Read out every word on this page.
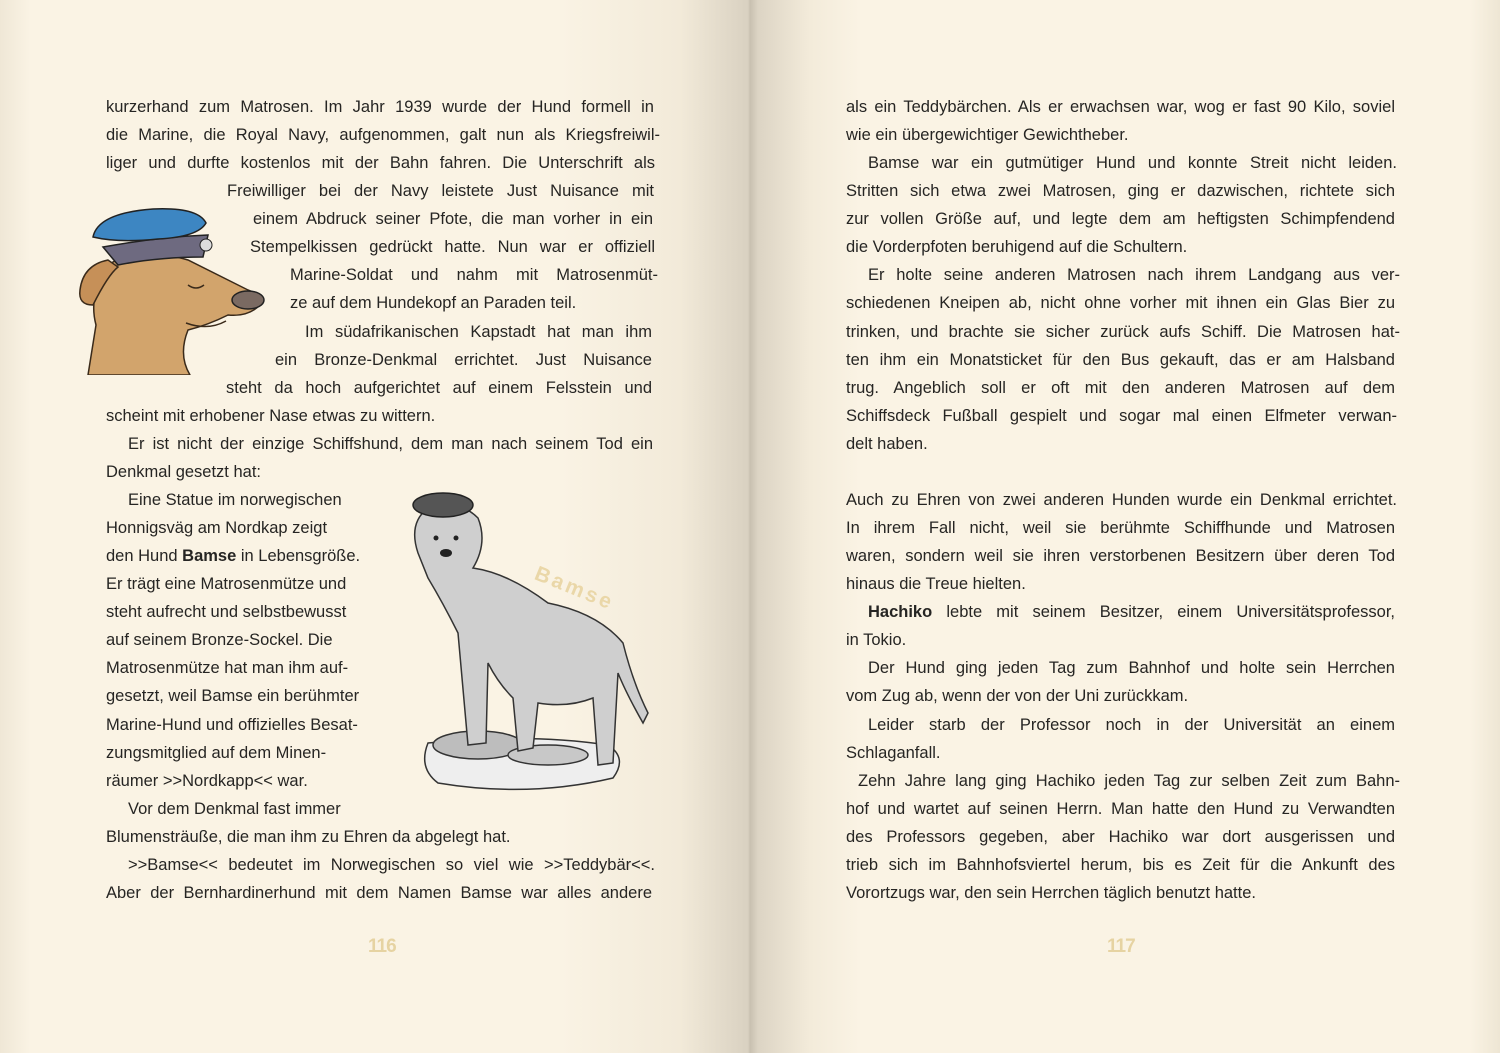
Bamse
116
kurzerhand zum Matrosen. Im Jahr 1939 wurde der Hund formell in
die Marine, die Royal Navy, aufgenommen, galt nun als Kriegsfreiwil-
liger und durfte kostenlos mit der Bahn fahren. Die Unterschrift als
Freiwilliger bei der Navy leistete Just Nuisance mit
einem Abdruck seiner Pfote, die man vorher in ein
Stempelkissen gedrückt hatte. Nun war er offiziell
Marine-Soldat und nahm mit Matrosenmüt-
ze auf dem Hundekopf an Paraden teil.
Im südafrikanischen Kapstadt hat man ihm
ein Bronze-Denkmal errichtet. Just Nuisance
steht da hoch aufgerichtet auf einem Felsstein und
scheint mit erhobener Nase etwas zu wittern.
Er ist nicht der einzige Schiffshund, dem man nach seinem Tod ein
Denkmal gesetzt hat:
Eine Statue im norwegischen
Honnigsväg am Nordkap zeigt
den Hund Bamse in Lebensgröße.
Er trägt eine Matrosenmütze und
steht aufrecht und selbstbewusst
auf seinem Bronze-Sockel. Die
Matrosenmütze hat man ihm auf-
gesetzt, weil Bamse ein berühmter
Marine-Hund und offizielles Besat-
zungsmitglied auf dem Minen-
räumer >>Nordkapp<< war.
Vor dem Denkmal fast immer
Blumensträuße, die man ihm zu Ehren da abgelegt hat.
>>Bamse<< bedeutet im Norwegischen so viel wie >>Teddybär<<.
Aber der Bernhardinerhund mit dem Namen Bamse war alles andere
117
als ein Teddybärchen. Als er erwachsen war, wog er fast 90 Kilo, soviel
wie ein übergewichtiger Gewichtheber.
Bamse war ein gutmütiger Hund und konnte Streit nicht leiden.
Stritten sich etwa zwei Matrosen, ging er dazwischen, richtete sich
zur vollen Größe auf, und legte dem am heftigsten Schimpfendend
die Vorderpfoten beruhigend auf die Schultern.
Er holte seine anderen Matrosen nach ihrem Landgang aus ver-
schiedenen Kneipen ab, nicht ohne vorher mit ihnen ein Glas Bier zu
trinken, und brachte sie sicher zurück aufs Schiff. Die Matrosen hat-
ten ihm ein Monatsticket für den Bus gekauft, das er am Halsband
trug. Angeblich soll er oft mit den anderen Matrosen auf dem
Schiffsdeck Fußball gespielt und sogar mal einen Elfmeter verwan-
delt haben.
Auch zu Ehren von zwei anderen Hunden wurde ein Denkmal errichtet.
In ihrem Fall nicht, weil sie berühmte Schiffhunde und Matrosen
waren, sondern weil sie ihren verstorbenen Besitzern über deren Tod
hinaus die Treue hielten.
Hachiko lebte mit seinem Besitzer, einem Universitätsprofessor,
in Tokio.
Der Hund ging jeden Tag zum Bahnhof und holte sein Herrchen
vom Zug ab, wenn der von der Uni zurückkam.
Leider starb der Professor noch in der Universität an einem
Schlaganfall.
Zehn Jahre lang ging Hachiko jeden Tag zur selben Zeit zum Bahn-
hof und wartet auf seinen Herrn. Man hatte den Hund zu Verwandten
des Professors gegeben, aber Hachiko war dort ausgerissen und
trieb sich im Bahnhofsviertel herum, bis es Zeit für die Ankunft des
Vorortzugs war, den sein Herrchen täglich benutzt hatte.
